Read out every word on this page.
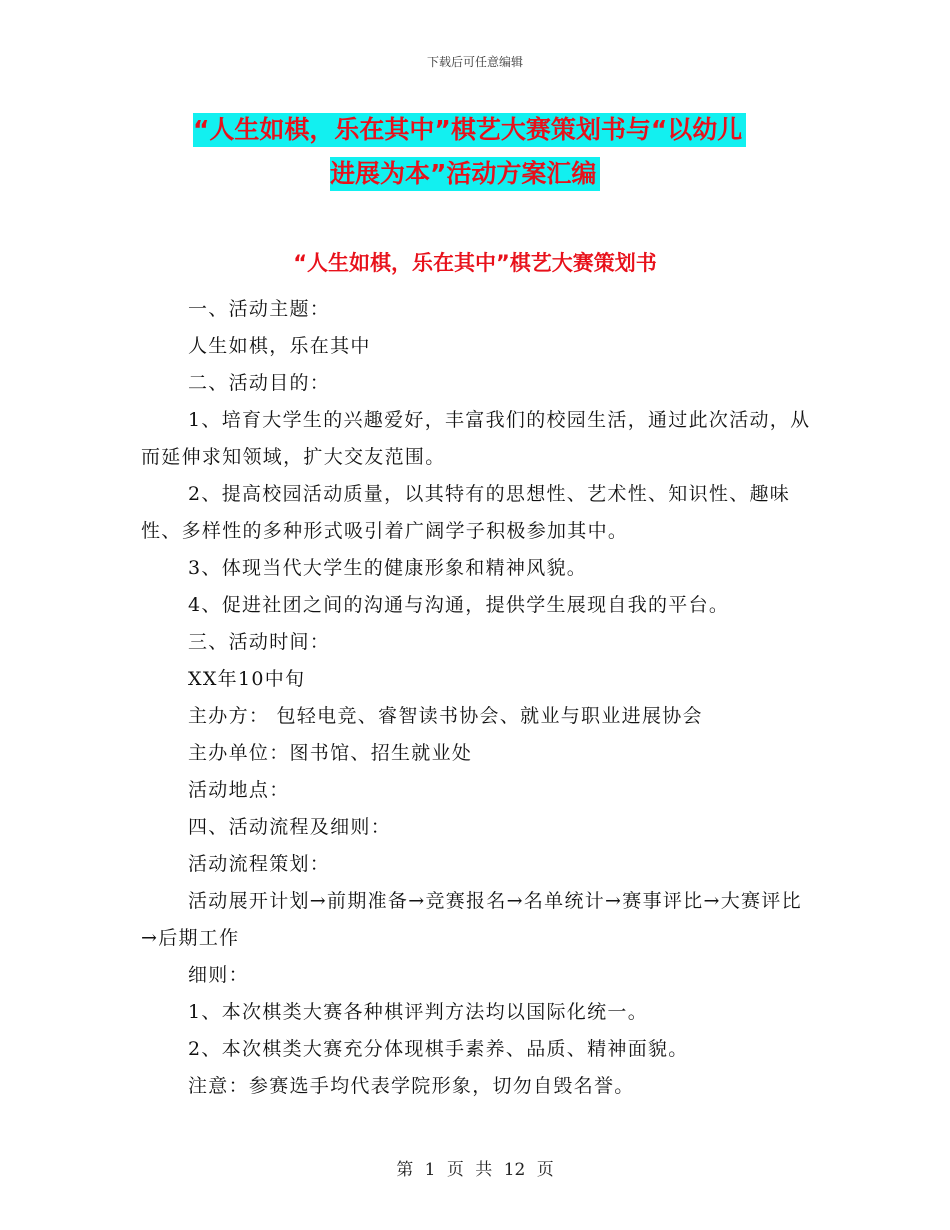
下载后可任意编辑
“人生如棋，乐在其中”棋艺大赛策划书与“以幼儿
进展为本”活动方案汇编
“人生如棋，乐在其中”棋艺大赛策划书

一、活动主题：

人生如棋，乐在其中

二、活动目的：

1、培育大学生的兴趣爱好，丰富我们的校园生活，通过此次活动，从而延伸求知领域，扩大交友范围。

2、提高校园活动质量，以其特有的思想性、艺术性、知识性、趣味性、多样性的多种形式吸引着广阔学子积极参加其中。

3、体现当代大学生的健康形象和精神风貌。

4、促进社团之间的沟通与沟通，提供学生展现自我的平台。

三、活动时间：

XX年10中旬

主办方： 包轻电竞、睿智读书协会、就业与职业进展协会

主办单位：图书馆、招生就业处

活动地点：

四、活动流程及细则：

活动流程策划：

活动展开计划→前期准备→竞赛报名→名单统计→赛事评比→大赛评比→后期工作

细则：

1、本次棋类大赛各种棋评判方法均以国际化统一。

2、本次棋类大赛充分体现棋手素养、品质、精神面貌。

注意：参赛选手均代表学院形象，切勿自毁名誉。

第 1 页 共 12 页
